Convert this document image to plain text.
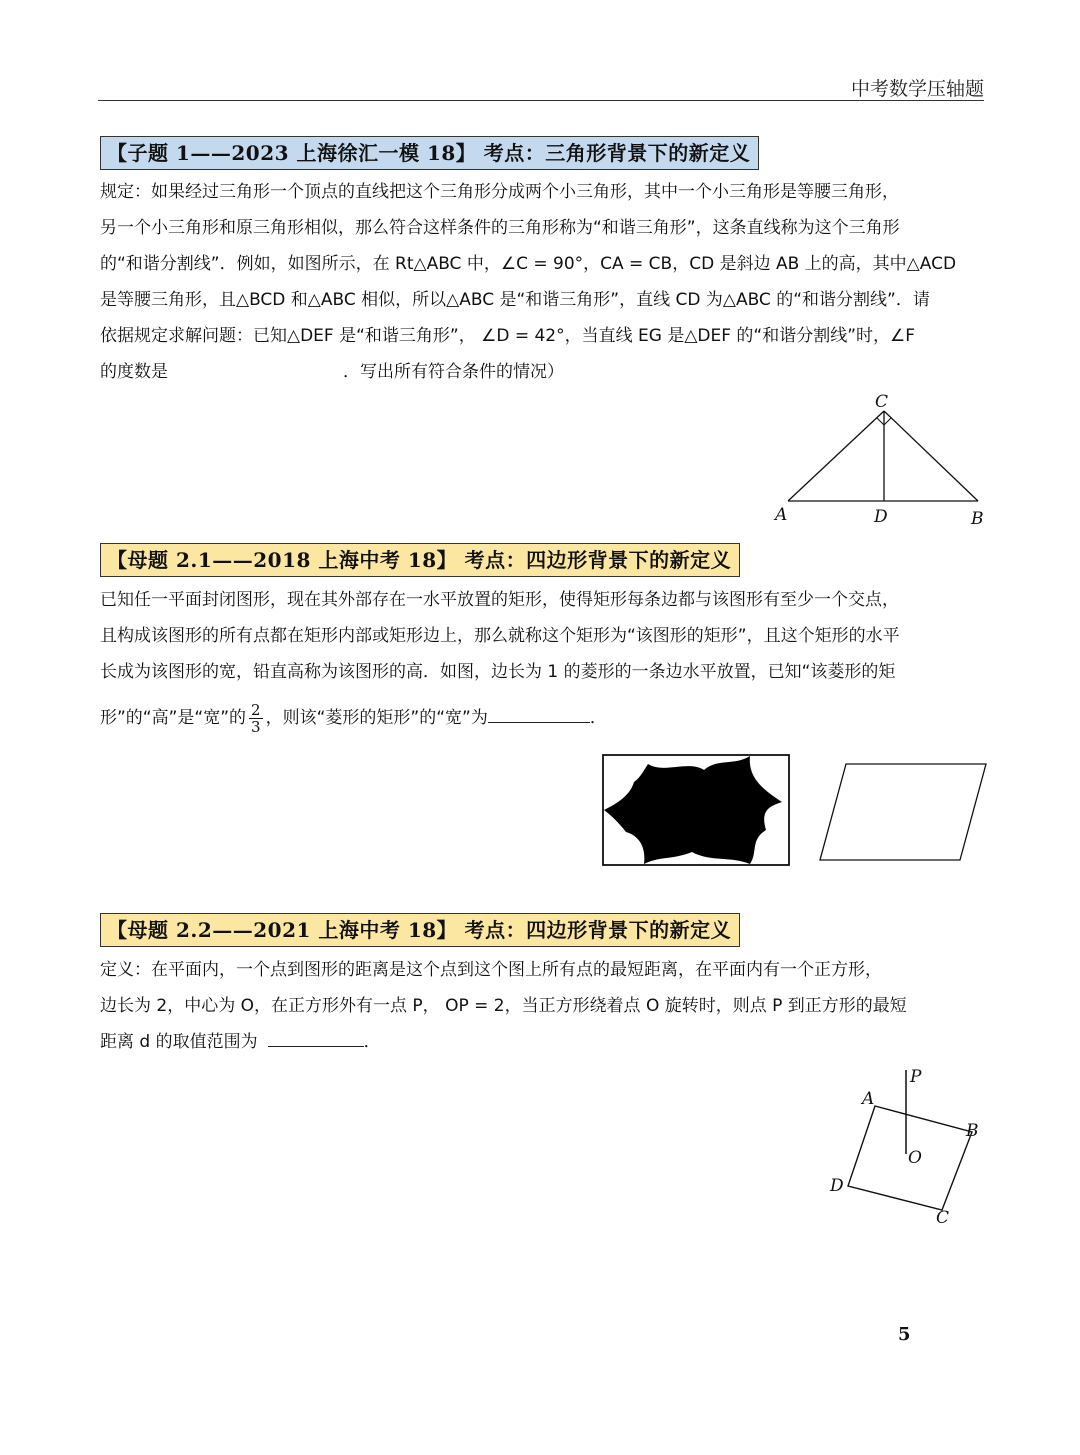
中考数学压轴题
【子题 1——2023 上海徐汇一模 18】 考点：三角形背景下的新定义
规定：如果经过三角形一个顶点的直线把这个三角形分成两个小三角形，其中一个小三角形是等腰三角形，
另一个小三角形和原三角形相似，那么符合这样条件的三角形称为“和谐三角形”，这条直线称为这个三角形
的“和谐分割线”．例如，如图所示，在 Rt△ABC 中，∠C = 90°，CA = CB，CD 是斜边 AB 上的高，其中△ACD
是等腰三角形，且△BCD 和△ABC 相似，所以△ABC 是“和谐三角形”，直线 CD 为△ABC 的“和谐分割线”．请
依据规定求解问题：已知△DEF 是“和谐三角形”， ∠D = 42°，当直线 EG 是△DEF 的“和谐分割线”时，∠F
的度数是	．写出所有符合条件的情况）
C
A	D	B
【母题 2.1——2018 上海中考 18】 考点：四边形背景下的新定义
已知任一平面封闭图形，现在其外部存在一水平放置的矩形，使得矩形每条边都与该图形有至少一个交点，
且构成该图形的所有点都在矩形内部或矩形边上，那么就称这个矩形为“该图形的矩形”，且这个矩形的水平
长成为该图形的宽，铅直高称为该图形的高．如图，边长为 1 的菱形的一条边水平放置，已知“该菱形的矩
形”的“高”是“宽”的 $\frac{2}{3}$ ，则该“菱形的矩形”的“宽”为	．
【母题 2.2——2021 上海中考 18】 考点：四边形背景下的新定义
定义：在平面内，一个点到图形的距离是这个点到这个图上所有点的最短距离，在平面内有一个正方形，
边长为 2，中心为 O，在正方形外有一点 P， OP = 2，当正方形绕着点 O 旋转时，则点 P 到正方形的最短
距离 d 的取值范围为	．
P
A
B
C
D
O
5
